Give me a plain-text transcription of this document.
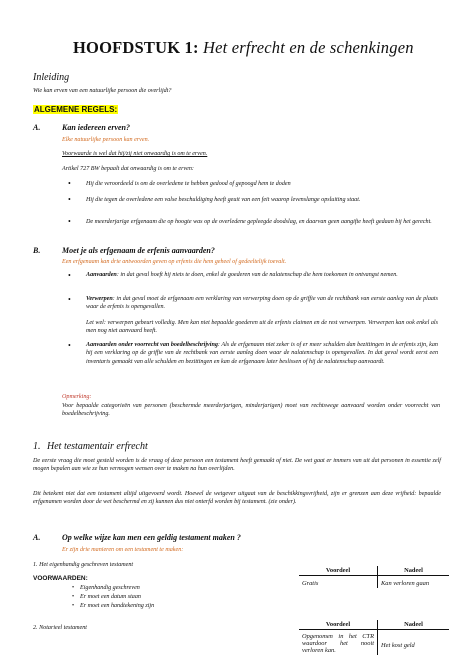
HOOFDSTUK 1: Het erfrecht en de schenkingen
Inleiding
Wie kan erven van een natuurlijke persoon die overlijdt?
ALGEMENE REGELS:
A.	Kan iedereen erven?
Elke natuurlijke persoon kan erven.
Voorwaarde is wel dat hij/zij niet onwaardig is om te erven.
Artikel 727 BW bepaalt dat onwaardig is om te erven:
• Hij die veroordeeld is om de overledene te hebben gedood of gepoogd hem te doden
• Hij die tegen de overledene een valse beschuldiging heeft geuit van een feit waarop levenslange opsluiting staat.
• De meerderjarige erfgenaam die op hoogte was op de overledene gepleegde doodslag, en daarvan geen aangifte heeft gedaan bij het gerecht.
B.	Moet je als erfgenaam de erfenis aanvaarden?
Een erfgenaam kan drie antwoorden geven op erfenis die hem geheel of gedeeltelijk toevalt.
• Aanvaarden: in dat geval hoeft hij niets te doen, enkel de goederen van de nalatenschap die hem toekomen in ontvangst nemen.
• Verwerpen: in dat geval moet de erfgenaam een verklaring van verwerping doen op de griffie van de rechtbank van eerste aanleg van de plaats waar de erfenis is opengevallen.
Let wel: verwerpen gebeurt volledig. Men kan niet bepaalde goederen uit de erfenis claimen en de rest verwerpen. Verwerpen kan ook enkel als men nog niet aanvaard heeft.
• Aanvaarden onder voorrecht van boedelbeschrijving: Als de erfgenaam niet zeker is of er meer schulden dan bezittingen in de erfenis zijn, kan hij een verklaring op de griffie van de rechtbank van eerste aanleg doen waar de nalatenschap is opengevallen. In dat geval wordt eerst een inventaris gemaakt van alle schulden en bezittingen en kan de erfgenaam later beslissen of hij de nalatenschap aanvaardt.
Opmerking:
Voor bepaalde categorieën van personen (beschermde meerderjarigen, minderjarigen) moet van rechtswege aanvaard worden onder voorrecht van boedelbeschrijving.
1. Het testamentair erfrecht
De eerste vraag die moet gesteld worden is de vraag of deze persoon een testament heeft gemaakt of niet. De wet gaat er immers van uit dat personen in essentie zelf mogen bepalen aan wie ze hun vermogen wensen over te maken na hun overlijden.
Dit betekent niet dat een testament altijd uitgevoerd wordt. Hoewel de wetgever uitgaat van de beschikkingsvrijheid, zijn er grenzen aan deze vrijheid: bepaalde erfgenamen worden door de wet beschermd en zij kunnen dus niet onterfd worden bij testament. (zie onder).
A.	Op welke wijze kan men een geldig testament maken ?
Er zijn drie manieren om een testament te maken:
1. Het eigenhandig geschreven testament
VOORWAARDEN:
• Eigenhandig geschreven
• Er moet een datum staan
• Er moet een handtekening zijn
2. Notarieel testament
Voordeel	Nadeel
Gratis	Kan verloren gaan
Voordeel	Nadeel
Opgenomen in het CTR waardoor het nooit verloren kan.	Het kost geld
